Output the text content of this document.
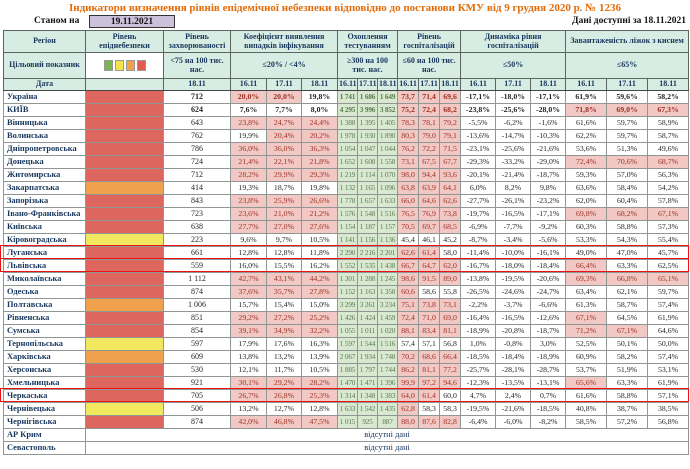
Індикатори визначення рівнів епідемічної небезпеки відповідно до постанови КМУ від 9 грудня 2020 р. № 1236
Станом на	19.11.2021	Дані доступні за 18.11.2021
Регіон	Рівень епіднебезпеки	Рівень захворюваності	Коефіцієнт виявлення випадків інфікування			Охоплення тестуванням			Рівень госпіталізацій			Динаміка рівня госпіталізацій			Завантаженість ліжок з киснем		
Цільовий показник		<75 на 100 тис. нас.	≤20% / <4%			≥300 на 100 тис. нас.			≤60 на 100 тис. нас.			≤50%			≤65%		
Дата		18.11	16.11	17.11	18.11	16.11	17.11	18.11	16.11	17.11	18.11	16.11	17.11	18.11	16.11	17.11	18.11
Україна		712	20,0%	20,0%	19,8%	1 741	1 686	1 649	73,7	71,4	69,6	-17,1%	-18,0%	-17,1%	61,9%	59,6%	58,2%
КИЇВ		624	7,6%	7,7%	8,0%	4 295	3 996	3 852	75,2	72,4	68,2	-23,8%	-25,6%	-28,0%	71,8%	69,0%	67,3%
Вінницька		643	23,8%	24,7%	24,4%	1 388	1 395	1 405	78,3	78,1	79,2	-5,5%	-6,2%	-1,6%	61,6%	59,7%	58,9%
Волинська		762	19,9%	20,4%	20,2%	1 978	1 930	1 890	80,3	79,0	79,1	-13,6%	-14,7%	-10,3%	62,2%	59,7%	58,7%
Дніпропетровська		786	36,0%	36,0%	36,3%	1 054	1 047	1 044	76,2	72,2	71,5	-23,1%	-25,6%	-21,6%	53,6%	51,3%	49,6%
Донецька		724	21,4%	22,1%	21,8%	1 652	1 608	1 558	73,1	67,5	67,7	-29,3%	-33,2%	-29,0%	72,4%	70,6%	68,7%
Житомирська		712	28,2%	29,9%	29,3%	1 219	1 114	1 070	98,0	94,4	93,6	-20,1%	-21,4%	-18,7%	59,3%	57,0%	56,3%
Закарпатська		414	19,3%	18,7%	19,8%	1 132	1 165	1 096	63,8	63,9	64,1	6,0%	8,2%	9,8%	63,6%	58,4%	54,2%
Запорізька		843	23,8%	25,9%	26,6%	1 778	1 657	1 633	66,0	64,6	62,6	-27,7%	-26,1%	-23,2%	62,0%	60,4%	57,8%
Івано-Франківська		723	23,6%	21,0%	21,2%	1 576	1 548	1 516	76,5	76,9	73,8	-19,7%	-16,5%	-17,1%	69,8%	68,2%	67,1%
Київська		638	27,7%	27,0%	27,6%	1 154	1 187	1 157	70,5	69,7	68,5	-6,9%	-7,7%	-9,2%	60,3%	58,8%	57,3%
Кіровоградська		223	9,6%	9,7%	10,5%	1 141	1 156	1 136	45,4	46,1	45,2	-8,7%	-3,4%	-5,6%	53,3%	54,3%	55,4%
Луганська		661	12,8%	12,8%	11,8%	2 290	2 216	2 201	62,6	61,4	58,0	-11,4%	-10,0%	-16,1%	49,0%	47,0%	45,7%
Львівська		559	16,0%	15,5%	16,2%	1 552	1 535	1 438	66,7	64,7	62,0	-16,7%	-18,0%	-18,4%	66,4%	63,3%	62,5%
Миколаївська		1 112	42,7%	43,1%	44,2%	1 301	1 288	1 245	98,6	91,5	89,0	-13,8%	-19,5%	-20,6%	69,3%	66,8%	65,1%
Одеська		874	37,6%	35,7%	27,8%	1 152	1 163	1 358	60,6	58,6	55,8	-26,5%	-24,6%	-24,7%	63,4%	62,1%	59,7%
Полтавська		1 006	15,7%	15,4%	15,0%	3 299	3 261	3 234	75,1	73,8	73,1	-2,2%	-3,7%	-6,6%	61,3%	58,7%	57,4%
Рівненська		851	29,2%	27,2%	25,2%	1 426	1 424	1 459	72,4	71,0	69,0	-16,4%	-16,5%	-12,6%	67,1%	64,5%	61,9%
Сумська		854	39,1%	34,9%	32,2%	1 055	1 011	1 020	88,1	83,4	81,1	-18,9%	-20,8%	-18,7%	71,2%	67,1%	64,6%
Тернопільська		597	17,9%	17,6%	16,3%	1 597	1 544	1 516	57,4	57,1	56,8	1,0%	-0,8%	3,0%	52,5%	50,1%	50,0%
Харківська		609	13,8%	13,2%	13,9%	2 067	1 934	1 748	70,2	68,6	66,4	-18,5%	-18,4%	-18,9%	60,9%	58,2%	57,4%
Херсонська		530	12,1%	11,7%	10,5%	1 885	1 797	1 744	86,2	81,1	77,2	-25,7%	-28,1%	-28,7%	53,7%	51,9%	53,1%
Хмельницька		921	30,1%	29,2%	28,2%	1 470	1 471	1 396	99,9	97,2	94,6	-12,3%	-13,5%	-13,1%	65,6%	63,3%	61,9%
Черкаська		705	26,7%	26,8%	25,3%	1 314	1 348	1 383	64,0	61,4	60,0	4,7%	2,4%	0,7%	61,6%	58,8%	57,1%
Чернівецька		506	13,2%	12,7%	12,8%	1 633	1 542	1 435	62,8	58,3	58,3	-19,5%	-21,6%	-18,5%	40,8%	38,7%	38,5%
Чернігівська		874	42,0%	46,8%	47,5%	1 015	925	887	88,0	87,6	82,8	-6,4%	-6,0%	-8,2%	58,5%	57,2%	56,8%
АР Крим	відсутні дані																
Севастополь	відсутні дані																
